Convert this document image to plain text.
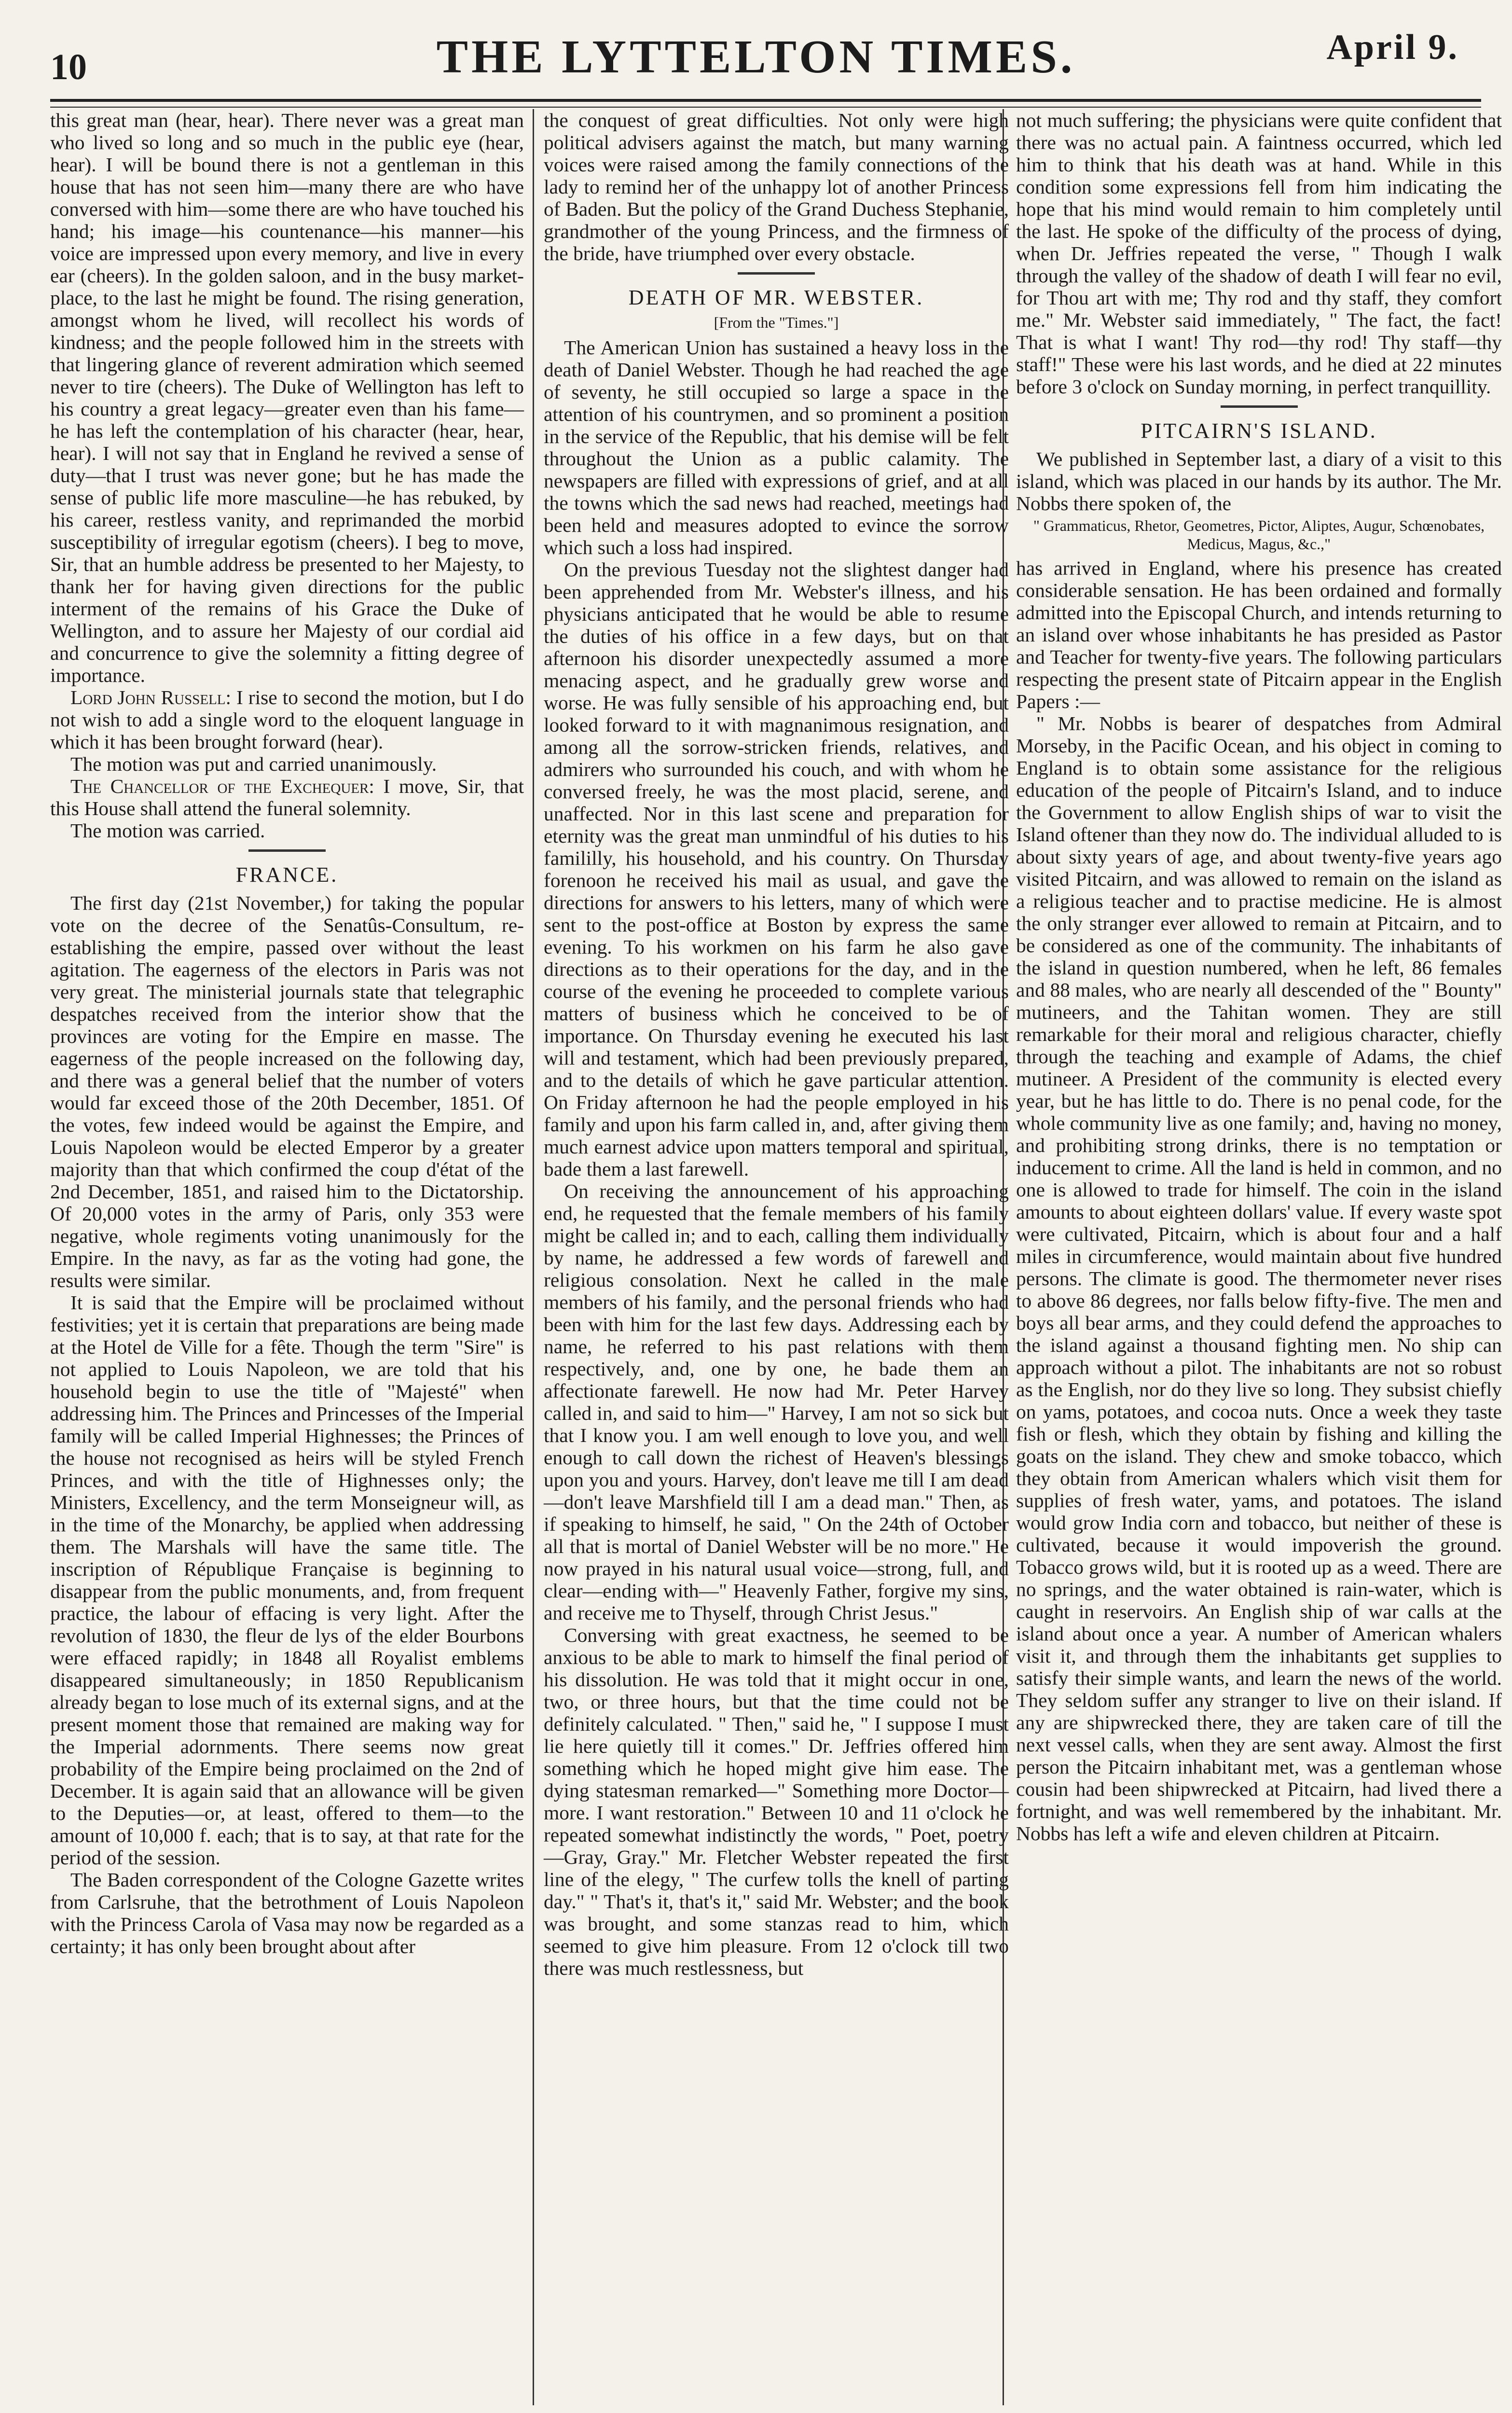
10	THE LYTTELTON TIMES.	April 9.

this great man (hear, hear). There never was a great man who lived so long and so much in the public eye (hear, hear). I will be bound there is not a gentleman in this house that has not seen him—many there are who have conversed with him—some there are who have touched his hand; his image—his countenance—his manner—his voice are impressed upon every memory, and live in every ear (cheers). In the golden saloon, and in the busy market-place, to the last he might be found. The rising generation, amongst whom he lived, will recollect his words of kindness; and the people followed him in the streets with that lingering glance of reverent admiration which seemed never to tire (cheers). The Duke of Wellington has left to his country a great legacy—greater even than his fame—he has left the contemplation of his character (hear, hear, hear). I will not say that in England he revived a sense of duty—that I trust was never gone; but he has made the sense of public life more masculine—he has rebuked, by his career, restless vanity, and reprimanded the morbid susceptibility of irregular egotism (cheers). I beg to move, Sir, that an humble address be presented to her Majesty, to thank her for having given directions for the public interment of the remains of his Grace the Duke of Wellington, and to assure her Majesty of our cordial aid and concurrence to give the solemnity a fitting degree of importance.

Lord John Russell: I rise to second the motion, but I do not wish to add a single word to the eloquent language in which it has been brought forward (hear).

The motion was put and carried unanimously.

The Chancellor of the Exchequer: I move, Sir, that this House shall attend the funeral solemnity.

The motion was carried.

FRANCE.

The first day (21st November,) for taking the popular vote on the decree of the Senatûs-Consultum, re-establishing the empire, passed over without the least agitation. The eagerness of the electors in Paris was not very great. The ministerial journals state that telegraphic despatches received from the interior show that the provinces are voting for the Empire en masse. The eagerness of the people increased on the following day, and there was a general belief that the number of voters would far exceed those of the 20th December, 1851. Of the votes, few indeed would be against the Empire, and Louis Napoleon would be elected Emperor by a greater majority than that which confirmed the coup d'état of the 2nd December, 1851, and raised him to the Dictatorship. Of 20,000 votes in the army of Paris, only 353 were negative, whole regiments voting unanimously for the Empire. In the navy, as far as the voting had gone, the results were similar.

It is said that the Empire will be proclaimed without festivities; yet it is certain that preparations are being made at the Hotel de Ville for a fête. Though the term "Sire" is not applied to Louis Napoleon, we are told that his household begin to use the title of "Majesté" when addressing him. The Princes and Princesses of the Imperial family will be called Imperial Highnesses; the Princes of the house not recognised as heirs will be styled French Princes, and with the title of Highnesses only; the Ministers, Excellency, and the term Monseigneur will, as in the time of the Monarchy, be applied when addressing them. The Marshals will have the same title. The inscription of République Française is beginning to disappear from the public monuments, and, from frequent practice, the labour of effacing is very light. After the revolution of 1830, the fleur de lys of the elder Bourbons were effaced rapidly; in 1848 all Royalist emblems disappeared simultaneously; in 1850 Republicanism already began to lose much of its external signs, and at the present moment those that remained are making way for the Imperial adornments. There seems now great probability of the Empire being proclaimed on the 2nd of December. It is again said that an allowance will be given to the Deputies—or, at least, offered to them—to the amount of 10,000 f. each; that is to say, at that rate for the period of the session.

The Baden correspondent of the Cologne Gazette writes from Carlsruhe, that the betrothment of Louis Napoleon with the Princess Carola of Vasa may now be regarded as a certainty; it has only been brought about after

the conquest of great difficulties. Not only were high political advisers against the match, but many warning voices were raised among the family connections of the lady to remind her of the unhappy lot of another Princess of Baden. But the policy of the Grand Duchess Stephanie, grandmother of the young Princess, and the firmness of the bride, have triumphed over every obstacle.

DEATH OF MR. WEBSTER.
[From the "Times."]

The American Union has sustained a heavy loss in the death of Daniel Webster. Though he had reached the age of seventy, he still occupied so large a space in the attention of his countrymen, and so prominent a position in the service of the Republic, that his demise will be felt throughout the Union as a public calamity. The newspapers are filled with expressions of grief, and at all the towns which the sad news had reached, meetings had been held and measures adopted to evince the sorrow which such a loss had inspired.

On the previous Tuesday not the slightest danger had been apprehended from Mr. Webster's illness, and his physicians anticipated that he would be able to resume the duties of his office in a few days, but on that afternoon his disorder unexpectedly assumed a more menacing aspect, and he gradually grew worse and worse. He was fully sensible of his approaching end, but looked forward to it with magnanimous resignation, and among all the sorrow-stricken friends, relatives, and admirers who surrounded his couch, and with whom he conversed freely, he was the most placid, serene, and unaffected. Nor in this last scene and preparation for eternity was the great man unmindful of his duties to his famililly, his household, and his country. On Thursday forenoon he received his mail as usual, and gave the directions for answers to his letters, many of which were sent to the post-office at Boston by express the same evening. To his workmen on his farm he also gave directions as to their operations for the day, and in the course of the evening he proceeded to complete various matters of business which he conceived to be of importance. On Thursday evening he executed his last will and testament, which had been previously prepared, and to the details of which he gave particular attention. On Friday afternoon he had the people employed in his family and upon his farm called in, and, after giving them much earnest advice upon matters temporal and spiritual, bade them a last farewell.

On receiving the announcement of his approaching end, he requested that the female members of his family might be called in; and to each, calling them individually by name, he addressed a few words of farewell and religious consolation. Next he called in the male members of his family, and the personal friends who had been with him for the last few days. Addressing each by name, he referred to his past relations with them respectively, and, one by one, he bade them an affectionate farewell. He now had Mr. Peter Harvey called in, and said to him—" Harvey, I am not so sick but that I know you. I am well enough to love you, and well enough to call down the richest of Heaven's blessings upon you and yours. Harvey, don't leave me till I am dead—don't leave Marshfield till I am a dead man." Then, as if speaking to himself, he said, " On the 24th of October all that is mortal of Daniel Webster will be no more." He now prayed in his natural usual voice—strong, full, and clear—ending with—" Heavenly Father, forgive my sins, and receive me to Thyself, through Christ Jesus."

Conversing with great exactness, he seemed to be anxious to be able to mark to himself the final period of his dissolution. He was told that it might occur in one, two, or three hours, but that the time could not be definitely calculated. " Then," said he, " I suppose I must lie here quietly till it comes." Dr. Jeffries offered him something which he hoped might give him ease. The dying statesman remarked—" Something more Doctor—more. I want restoration." Between 10 and 11 o'clock he repeated somewhat indistinctly the words, " Poet, poetry—Gray, Gray." Mr. Fletcher Webster repeated the first line of the elegy, " The curfew tolls the knell of parting day." " That's it, that's it," said Mr. Webster; and the book was brought, and some stanzas read to him, which seemed to give him pleasure. From 12 o'clock till two there was much restlessness, but

not much suffering; the physicians were quite confident that there was no actual pain. A faintness occurred, which led him to think that his death was at hand. While in this condition some expressions fell from him indicating the hope that his mind would remain to him completely until the last. He spoke of the difficulty of the process of dying, when Dr. Jeffries repeated the verse, " Though I walk through the valley of the shadow of death I will fear no evil, for Thou art with me; Thy rod and thy staff, they comfort me." Mr. Webster said immediately, " The fact, the fact! That is what I want! Thy rod—thy rod! Thy staff—thy staff!" These were his last words, and he died at 22 minutes before 3 o'clock on Sunday morning, in perfect tranquillity.

PITCAIRN'S ISLAND.

We published in September last, a diary of a visit to this island, which was placed in our hands by its author. The Mr. Nobbs there spoken of, the

" Grammaticus, Rhetor, Geometres, Pictor, Aliptes, Augur, Schœnobates, Medicus, Magus, &c.,"

has arrived in England, where his presence has created considerable sensation. He has been ordained and formally admitted into the Episcopal Church, and intends returning to an island over whose inhabitants he has presided as Pastor and Teacher for twenty-five years. The following particulars respecting the present state of Pitcairn appear in the English Papers :—

" Mr. Nobbs is bearer of despatches from Admiral Morseby, in the Pacific Ocean, and his object in coming to England is to obtain some assistance for the religious education of the people of Pitcairn's Island, and to induce the Government to allow English ships of war to visit the Island oftener than they now do. The individual alluded to is about sixty years of age, and about twenty-five years ago visited Pitcairn, and was allowed to remain on the island as a religious teacher and to practise medicine. He is almost the only stranger ever allowed to remain at Pitcairn, and to be considered as one of the community. The inhabitants of the island in question numbered, when he left, 86 females and 88 males, who are nearly all descended of the " Bounty" mutineers, and the Tahitan women. They are still remarkable for their moral and religious character, chiefly through the teaching and example of Adams, the chief mutineer. A President of the community is elected every year, but he has little to do. There is no penal code, for the whole community live as one family; and, having no money, and prohibiting strong drinks, there is no temptation or inducement to crime. All the land is held in common, and no one is allowed to trade for himself. The coin in the island amounts to about eighteen dollars' value. If every waste spot were cultivated, Pitcairn, which is about four and a half miles in circumference, would maintain about five hundred persons. The climate is good. The thermometer never rises to above 86 degrees, nor falls below fifty-five. The men and boys all bear arms, and they could defend the approaches to the island against a thousand fighting men. No ship can approach without a pilot. The inhabitants are not so robust as the English, nor do they live so long. They subsist chiefly on yams, potatoes, and cocoa nuts. Once a week they taste fish or flesh, which they obtain by fishing and killing the goats on the island. They chew and smoke tobacco, which they obtain from American whalers which visit them for supplies of fresh water, yams, and potatoes. The island would grow India corn and tobacco, but neither of these is cultivated, because it would impoverish the ground. Tobacco grows wild, but it is rooted up as a weed. There are no springs, and the water obtained is rain-water, which is caught in reservoirs. An English ship of war calls at the island about once a year. A number of American whalers visit it, and through them the inhabitants get supplies to satisfy their simple wants, and learn the news of the world. They seldom suffer any stranger to live on their island. If any are shipwrecked there, they are taken care of till the next vessel calls, when they are sent away. Almost the first person the Pitcairn inhabitant met, was a gentleman whose cousin had been shipwrecked at Pitcairn, had lived there a fortnight, and was well remembered by the inhabitant. Mr. Nobbs has left a wife and eleven children at Pitcairn.
